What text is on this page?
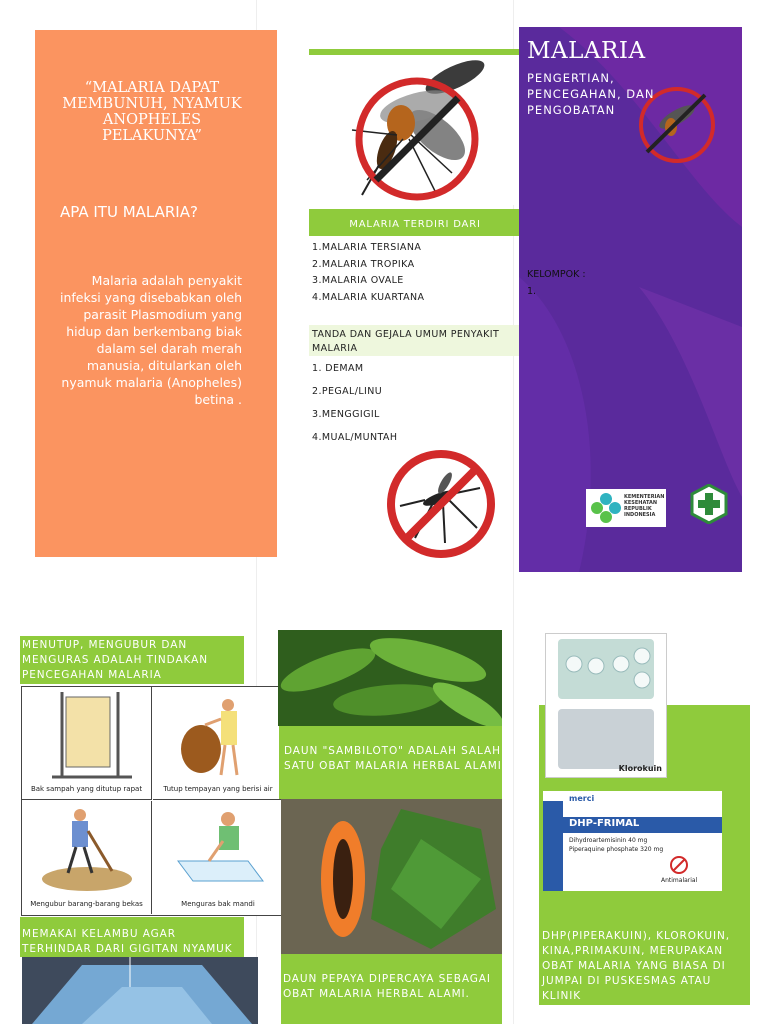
“MALARIA DAPAT MEMBUNUH, NYAMUK ANOPHELES PELAKUNYA”
APA ITU MALARIA?
Malaria adalah penyakit infeksi yang disebabkan oleh parasit Plasmodium yang hidup dan berkembang biak dalam sel darah merah manusia, ditularkan oleh nyamuk malaria (Anopheles) betina .
MALARIA TERDIRI DARI
1.MALARIA TERSIANA
2.MALARIA TROPIKA
3.MALARIA OVALE
4.MALARIA KUARTANA
TANDA DAN GEJALA UMUM PENYAKIT MALARIA
1. DEMAM
2.PEGAL/LINU
3.MENGGIGIL
4.MUAL/MUNTAH
MALARIA
PENGERTIAN, PENCEGAHAN, DAN PENGOBATAN
KELOMPOK :
1.
KEMENTERIAN KESEHATAN REPUBLIK INDONESIA
MENUTUP, MENGUBUR DAN MENGURAS ADALAH TINDAKAN PENCEGAHAN MALARIA
Bak sampah yang ditutup rapat	Tutup tempayan yang berisi air
Mengubur barang-barang bekas	Menguras bak mandi
MEMAKAI KELAMBU AGAR TERHINDAR DARI GIGITAN NYAMUK
DAUN "SAMBILOTO" ADALAH SALAH SATU OBAT MALARIA HERBAL ALAMI
DAUN PEPAYA DIPERCAYA SEBAGAI OBAT MALARIA HERBAL ALAMI.
Klorokuin
merci
DHP-FRIMAL
Dihydroartemisinin 40 mg
Piperaquine phosphate 320 mg
Antimalarial
DHP(PIPERAKUIN), KLOROKUIN, KINA,PRIMAKUIN, MERUPAKAN OBAT MALARIA YANG BIASA DI JUMPAI DI PUSKESMAS ATAU KLINIK
